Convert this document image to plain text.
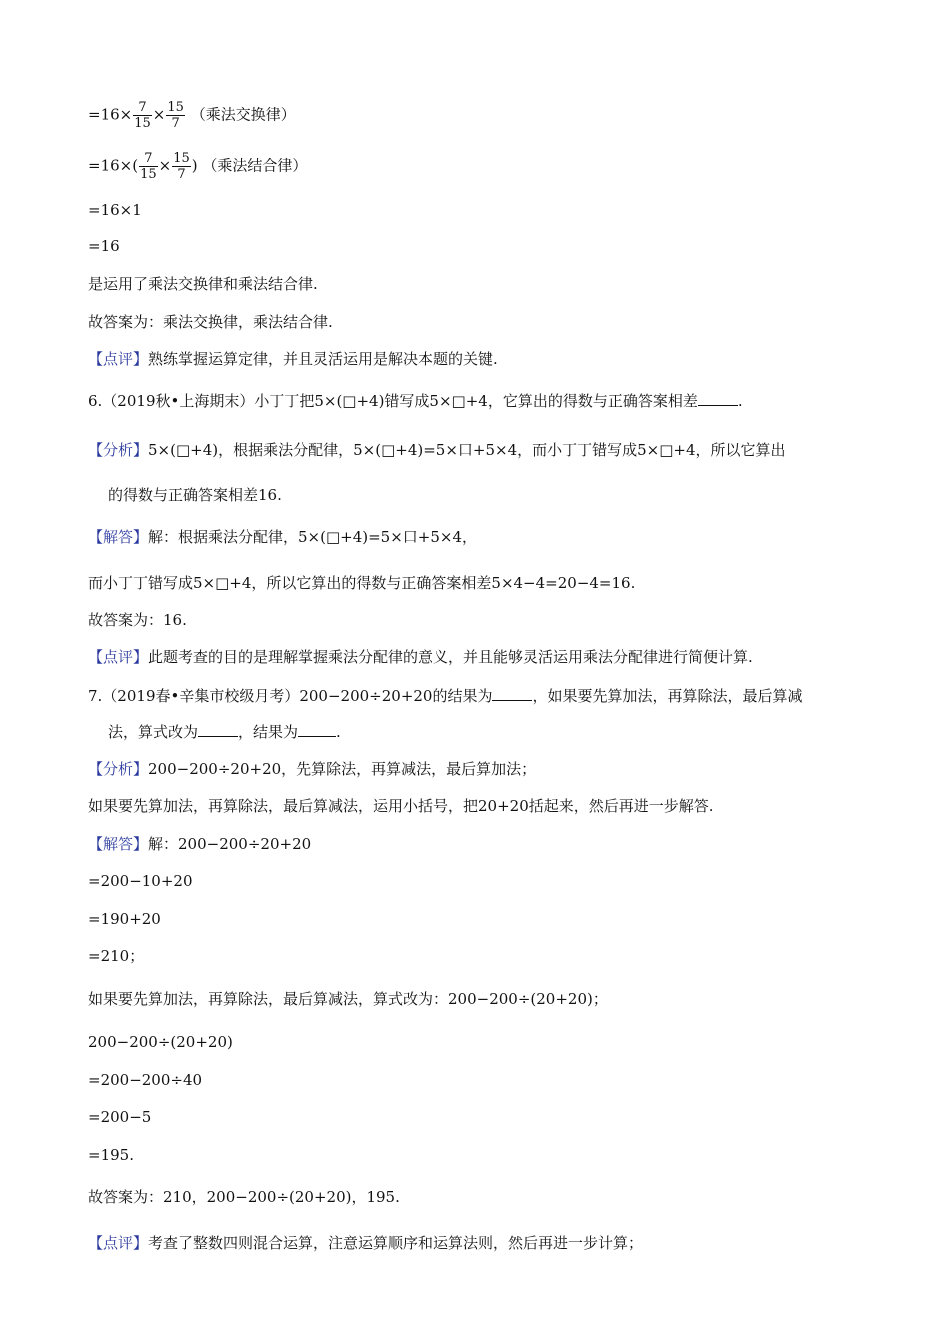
$=16\times \frac{7}{15} \times \frac{15}{7}$ （乘法交换律）
$=16\times( \frac{7}{15} \times \frac{15}{7}$ ) （乘法结合律）
=16×1
=16
是运用了乘法交换律和乘法结合律.
故答案为：乘法交换律，乘法结合律.
【点评】熟练掌握运算定律，并且灵活运用是解决本题的关键.
6.（2019秋•上海期末）小丁丁把5×(□+4)错写成5×□+4，它算出的得数与正确答案相差	.
【分析】5×(□+4)，根据乘法分配律，5×(□+4)=5×口+5×4，而小丁丁错写成5×□+4，所以它算出
的得数与正确答案相差16.
【解答】解：根据乘法分配律，5×(□+4)=5×口+5×4，
而小丁丁错写成5×□+4，所以它算出的得数与正确答案相差5×4−4=20−4=16.
故答案为：16.
【点评】此题考查的目的是理解掌握乘法分配律的意义，并且能够灵活运用乘法分配律进行简便计算.
7.（2019春•辛集市校级月考）200−200÷20+20的结果为	，如果要先算加法，再算除法，最后算减
法，算式改为	，结果为	.
【分析】200−200÷20+20，先算除法，再算减法，最后算加法；
如果要先算加法，再算除法，最后算减法，运用小括号，把20+20括起来，然后再进一步解答.
【解答】解：200−200÷20+20
=200−10+20
=190+20
=210；
如果要先算加法，再算除法，最后算减法，算式改为：200−200÷(20+20)；
200−200÷(20+20)
=200−200÷40
=200−5
=195.
故答案为：210，200−200÷(20+20)，195.
【点评】考查了整数四则混合运算，注意运算顺序和运算法则，然后再进一步计算；
